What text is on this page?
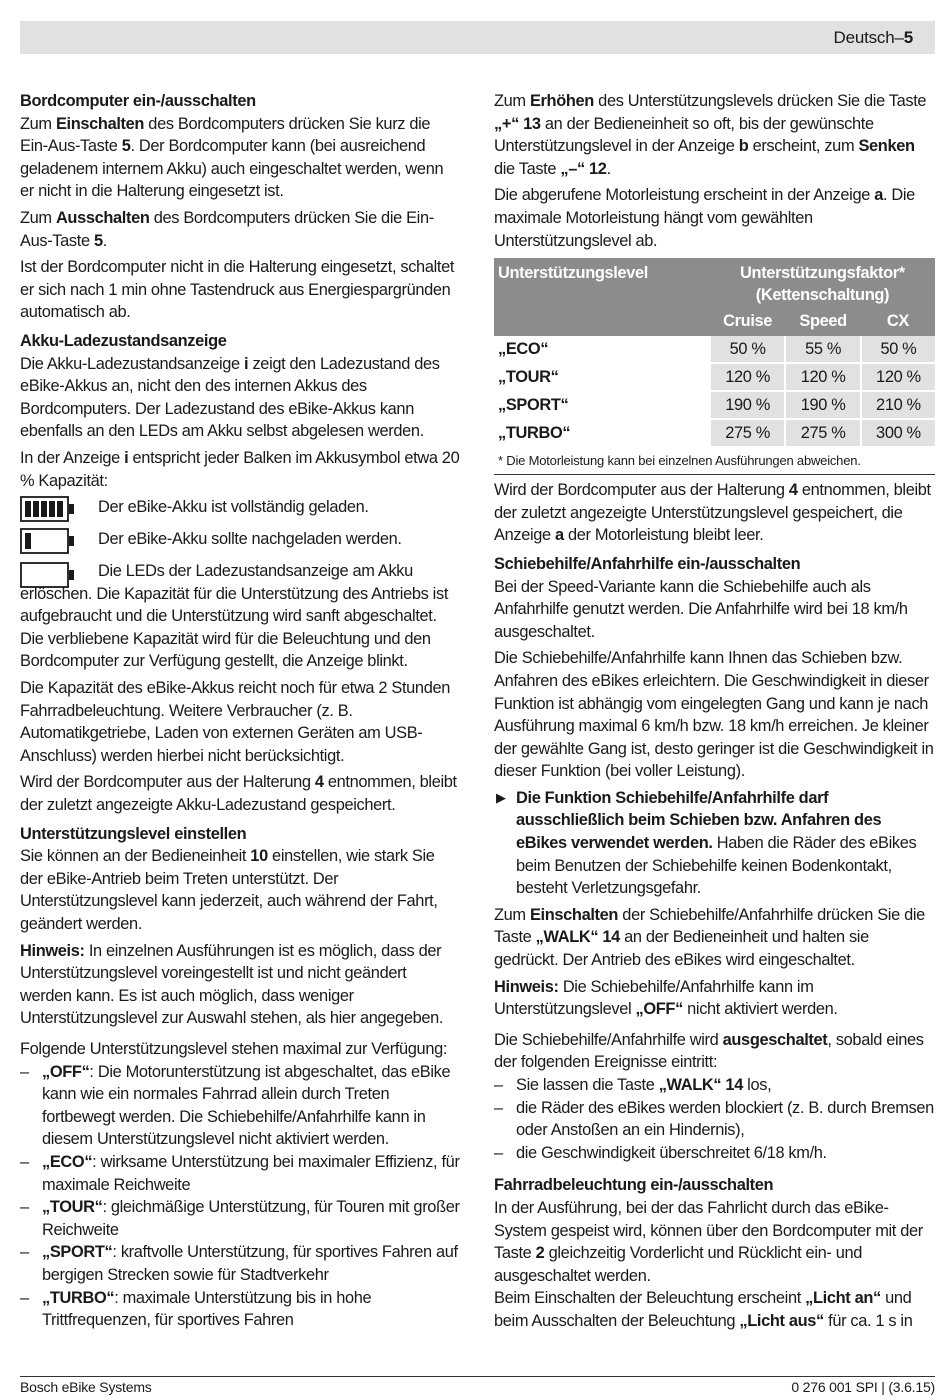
Deutsch–5
Bordcomputer ein-/ausschalten

Zum Einschalten des Bordcomputers drücken Sie kurz die Ein-Aus-Taste 5. Der Bordcomputer kann (bei ausreichend geladenem internem Akku) auch eingeschaltet werden, wenn er nicht in die Halterung eingesetzt ist.

Zum Ausschalten des Bordcomputers drücken Sie die Ein-Aus-Taste 5.

Ist der Bordcomputer nicht in die Halterung eingesetzt, schaltet er sich nach 1 min ohne Tastendruck aus Energiespargründen automatisch ab.

Akku-Ladezustandsanzeige

Die Akku-Ladezustandsanzeige i zeigt den Ladezustand des eBike-Akkus an, nicht den des internen Akkus des Bordcomputers. Der Ladezustand des eBike-Akkus kann ebenfalls an den LEDs am Akku selbst abgelesen werden.

In der Anzeige i entspricht jeder Balken im Akkusymbol etwa 20 % Kapazität:

Der eBike-Akku ist vollständig geladen.
Der eBike-Akku sollte nachgeladen werden.

Die LEDs der Ladezustandsanzeige am Akku erlöschen. Die Kapazität für die Unterstützung des Antriebs ist aufgebraucht und die Unterstützung wird sanft abgeschaltet. Die verbliebene Kapazität wird für die Beleuchtung und den Bordcomputer zur Verfügung gestellt, die Anzeige blinkt.

Die Kapazität des eBike-Akkus reicht noch für etwa 2 Stunden Fahrradbeleuchtung. Weitere Verbraucher (z. B. Automatikgetriebe, Laden von externen Geräten am USB-Anschluss) werden hierbei nicht berücksichtigt.

Wird der Bordcomputer aus der Halterung 4 entnommen, bleibt der zuletzt angezeigte Akku-Ladezustand gespeichert.

Unterstützungslevel einstellen

Sie können an der Bedieneinheit 10 einstellen, wie stark Sie der eBike-Antrieb beim Treten unterstützt. Der Unterstützungslevel kann jederzeit, auch während der Fahrt, geändert werden.

Hinweis: In einzelnen Ausführungen ist es möglich, dass der Unterstützungslevel voreingestellt ist und nicht geändert werden kann. Es ist auch möglich, dass weniger Unterstützungslevel zur Auswahl stehen, als hier angegeben.

Folgende Unterstützungslevel stehen maximal zur Verfügung:

– „OFF“: Die Motorunterstützung ist abgeschaltet, das eBike kann wie ein normales Fahrrad allein durch Treten fortbewegt werden. Die Schiebehilfe/Anfahrhilfe kann in diesem Unterstützungslevel nicht aktiviert werden.
– „ECO“: wirksame Unterstützung bei maximaler Effizienz, für maximale Reichweite
– „TOUR“: gleichmäßige Unterstützung, für Touren mit großer Reichweite
– „SPORT“: kraftvolle Unterstützung, für sportives Fahren auf bergigen Strecken sowie für Stadtverkehr
– „TURBO“: maximale Unterstützung bis in hohe Trittfrequenzen, für sportives Fahren

Zum Erhöhen des Unterstützungslevels drücken Sie die Taste „+“ 13 an der Bedieneinheit so oft, bis der gewünschte Unterstützungslevel in der Anzeige b erscheint, zum Senken die Taste „–“ 12.

Die abgerufene Motorleistung erscheint in der Anzeige a. Die maximale Motorleistung hängt vom gewählten Unterstützungslevel ab.

Unterstützungslevel	Unterstützungsfaktor*
(Kettenschaltung)		
	Cruise	Speed	CX
„ECO“	50 %	55 %	50 %
„TOUR“	120 %	120 %	120 %
„SPORT“	190 %	190 %	210 %
„TURBO“	275 %	275 %	300 %
* Die Motorleistung kann bei einzelnen Ausführungen abweichen.

Wird der Bordcomputer aus der Halterung 4 entnommen, bleibt der zuletzt angezeigte Unterstützungslevel gespeichert, die Anzeige a der Motorleistung bleibt leer.

Schiebehilfe/Anfahrhilfe ein-/ausschalten

Bei der Speed-Variante kann die Schiebehilfe auch als Anfahrhilfe genutzt werden. Die Anfahrhilfe wird bei 18 km/h ausgeschaltet.

Die Schiebehilfe/Anfahrhilfe kann Ihnen das Schieben bzw. Anfahren des eBikes erleichtern. Die Geschwindigkeit in dieser Funktion ist abhängig vom eingelegten Gang und kann je nach Ausführung maximal 6 km/h bzw. 18 km/h erreichen. Je kleiner der gewählte Gang ist, desto geringer ist die Geschwindigkeit in dieser Funktion (bei voller Leistung).

▶ Die Funktion Schiebehilfe/Anfahrhilfe darf ausschließlich beim Schieben bzw. Anfahren des eBikes verwendet werden. Haben die Räder des eBikes beim Benutzen der Schiebehilfe keinen Bodenkontakt, besteht Verletzungsgefahr.

Zum Einschalten der Schiebehilfe/Anfahrhilfe drücken Sie die Taste „WALK“ 14 an der Bedieneinheit und halten sie gedrückt. Der Antrieb des eBikes wird eingeschaltet.

Hinweis: Die Schiebehilfe/Anfahrhilfe kann im Unterstützungslevel „OFF“ nicht aktiviert werden.

Die Schiebehilfe/Anfahrhilfe wird ausgeschaltet, sobald eines der folgenden Ereignisse eintritt:

– Sie lassen die Taste „WALK“ 14 los,
– die Räder des eBikes werden blockiert (z. B. durch Bremsen oder Anstoßen an ein Hindernis),
– die Geschwindigkeit überschreitet 6/18 km/h.
Fahrradbeleuchtung ein-/ausschalten

In der Ausführung, bei der das Fahrlicht durch das eBike-System gespeist wird, können über den Bordcomputer mit der Taste 2 gleichzeitig Vorderlicht und Rücklicht ein- und ausgeschaltet werden.

Beim Einschalten der Beleuchtung erscheint „Licht an“ und beim Ausschalten der Beleuchtung „Licht aus“ für ca. 1 s in

Bosch eBike Systems	0 276 001 SPI | (3.6.15)
